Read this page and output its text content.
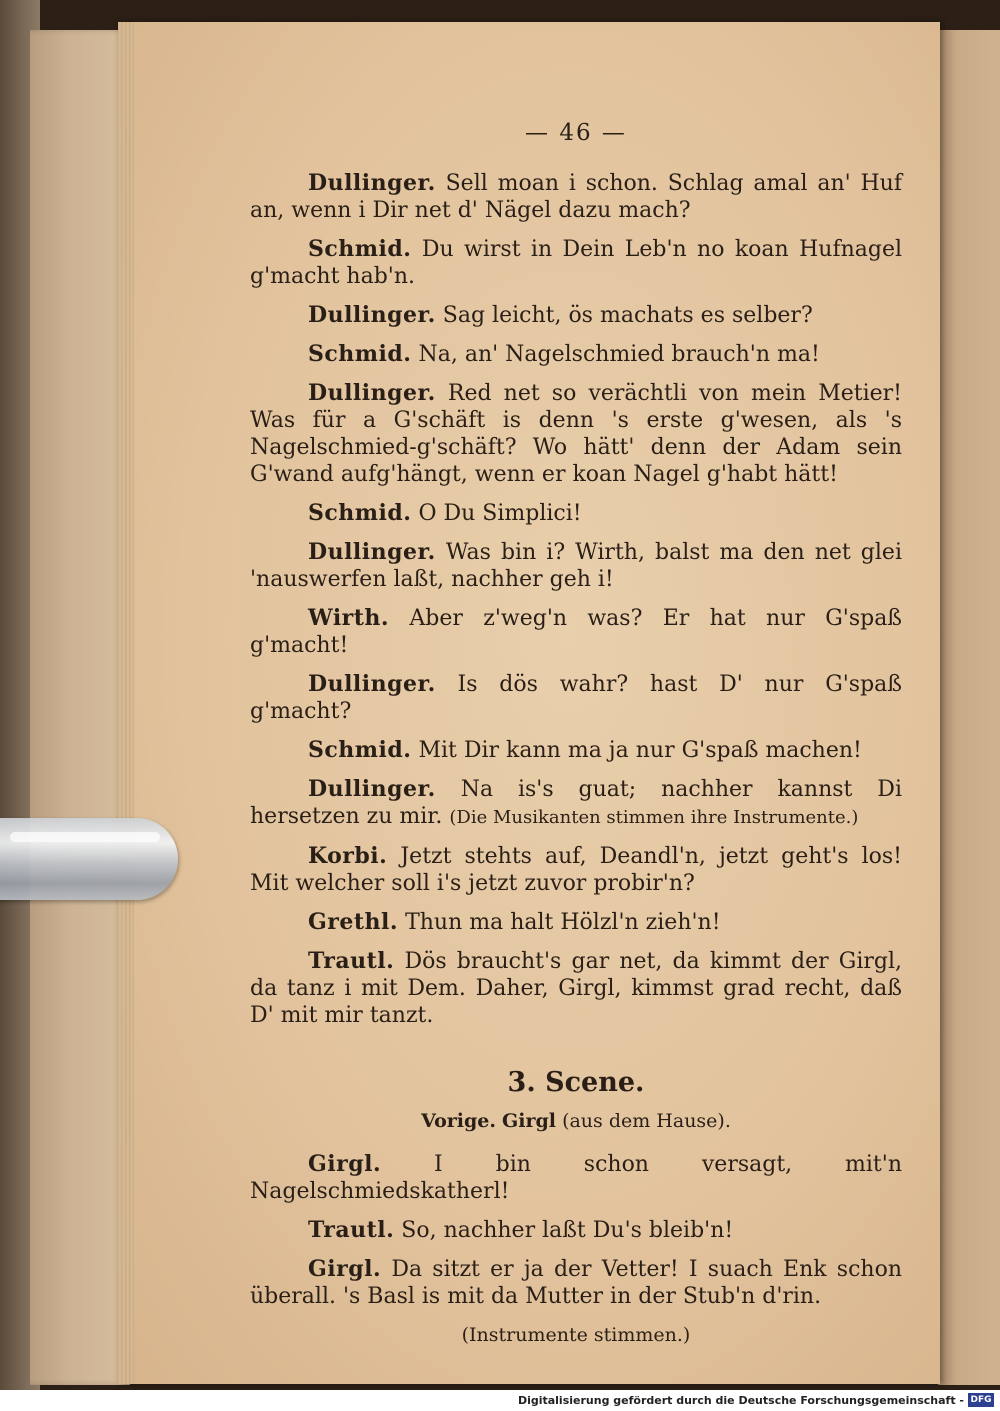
— 46 —

Dullinger. Sell moan i schon. Schlag amal an' Huf an, wenn i Dir net d' Nägel dazu mach?

Schmid. Du wirst in Dein Leb'n no koan Hufnagel g'macht hab'n.

Dullinger. Sag leicht, ös machats es selber?

Schmid. Na, an' Nagelschmied brauch'n ma!

Dullinger. Red net so verächtli von mein Metier! Was für a G'schäft is denn 's erste g'wesen, als 's Nagelschmied-g'schäft? Wo hätt' denn der Adam sein G'wand aufg'hängt, wenn er koan Nagel g'habt hätt!

Schmid. O Du Simplici!

Dullinger. Was bin i? Wirth, balst ma den net glei 'nauswerfen laßt, nachher geh i!

Wirth. Aber z'weg'n was? Er hat nur G'spaß g'macht!

Dullinger. Is dös wahr? hast D' nur G'spaß g'macht?

Schmid. Mit Dir kann ma ja nur G'spaß machen!

Dullinger. Na is's guat; nachher kannst Di hersetzen zu mir. (Die Musikanten stimmen ihre Instrumente.)

Korbi. Jetzt stehts auf, Deandl'n, jetzt geht's los! Mit welcher soll i's jetzt zuvor probir'n?

Grethl. Thun ma halt Hölzl'n zieh'n!

Trautl. Dös braucht's gar net, da kimmt der Girgl, da tanz i mit Dem. Daher, Girgl, kimmst grad recht, daß D' mit mir tanzt.

3. Scene.
Vorige. Girgl (aus dem Hause).

Girgl. I bin schon versagt, mit'n Nagelschmiedskatherl!

Trautl. So, nachher laßt Du's bleib'n!

Girgl. Da sitzt er ja der Vetter! I suach Enk schon überall. 's Basl is mit da Mutter in der Stub'n d'rin.

(Instrumente stimmen.)
Digitalisierung gefördert durch die Deutsche Forschungsgemeinschaft - DFG
